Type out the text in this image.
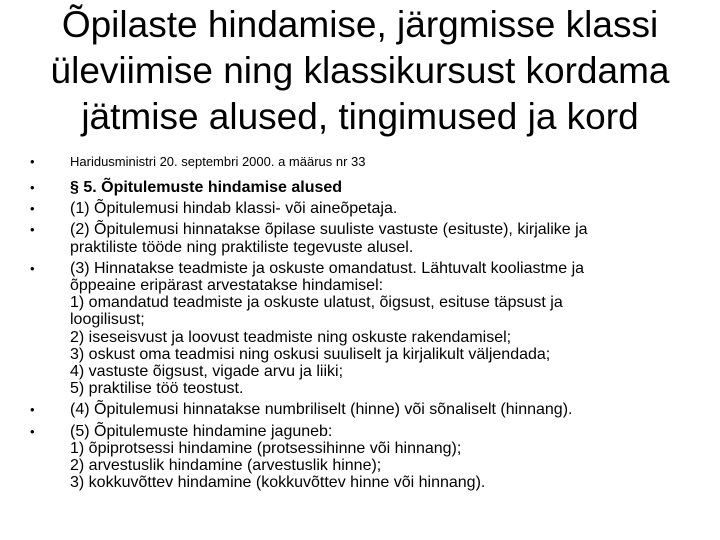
Õpilaste hindamise, järgmisse klassi
üleviimise ning klassikursust kordama
jätmise alused, tingimused ja kord
•	Haridusministri 20. septembri 2000. a määrus nr 33
• § 5. Õpitulemuste hindamise alused
• (1) Õpitulemusi hindab klassi- või aineõpetaja.
• (2) Õpitulemusi hinnatakse õpilase suuliste vastuste (esituste), kirjalike ja
praktiliste tööde ning praktiliste tegevuste alusel.
• (3) Hinnatakse teadmiste ja oskuste omandatust. Lähtuvalt kooliastme ja
õppeaine eripärast arvestatakse hindamisel:
1) omandatud teadmiste ja oskuste ulatust, õigsust, esituse täpsust ja
loogilisust;
2) iseseisvust ja loovust teadmiste ning oskuste rakendamisel;
3) oskust oma teadmisi ning oskusi suuliselt ja kirjalikult väljendada;
4) vastuste õigsust, vigade arvu ja liiki;
5) praktilise töö teostust.
• (4) Õpitulemusi hinnatakse numbriliselt (hinne) või sõnaliselt (hinnang).
• (5) Õpitulemuste hindamine jaguneb:
1) õpiprotsessi hindamine (protsessihinne või hinnang);
2) arvestuslik hindamine (arvestuslik hinne);
3) kokkuvõttev hindamine (kokkuvõttev hinne või hinnang).
